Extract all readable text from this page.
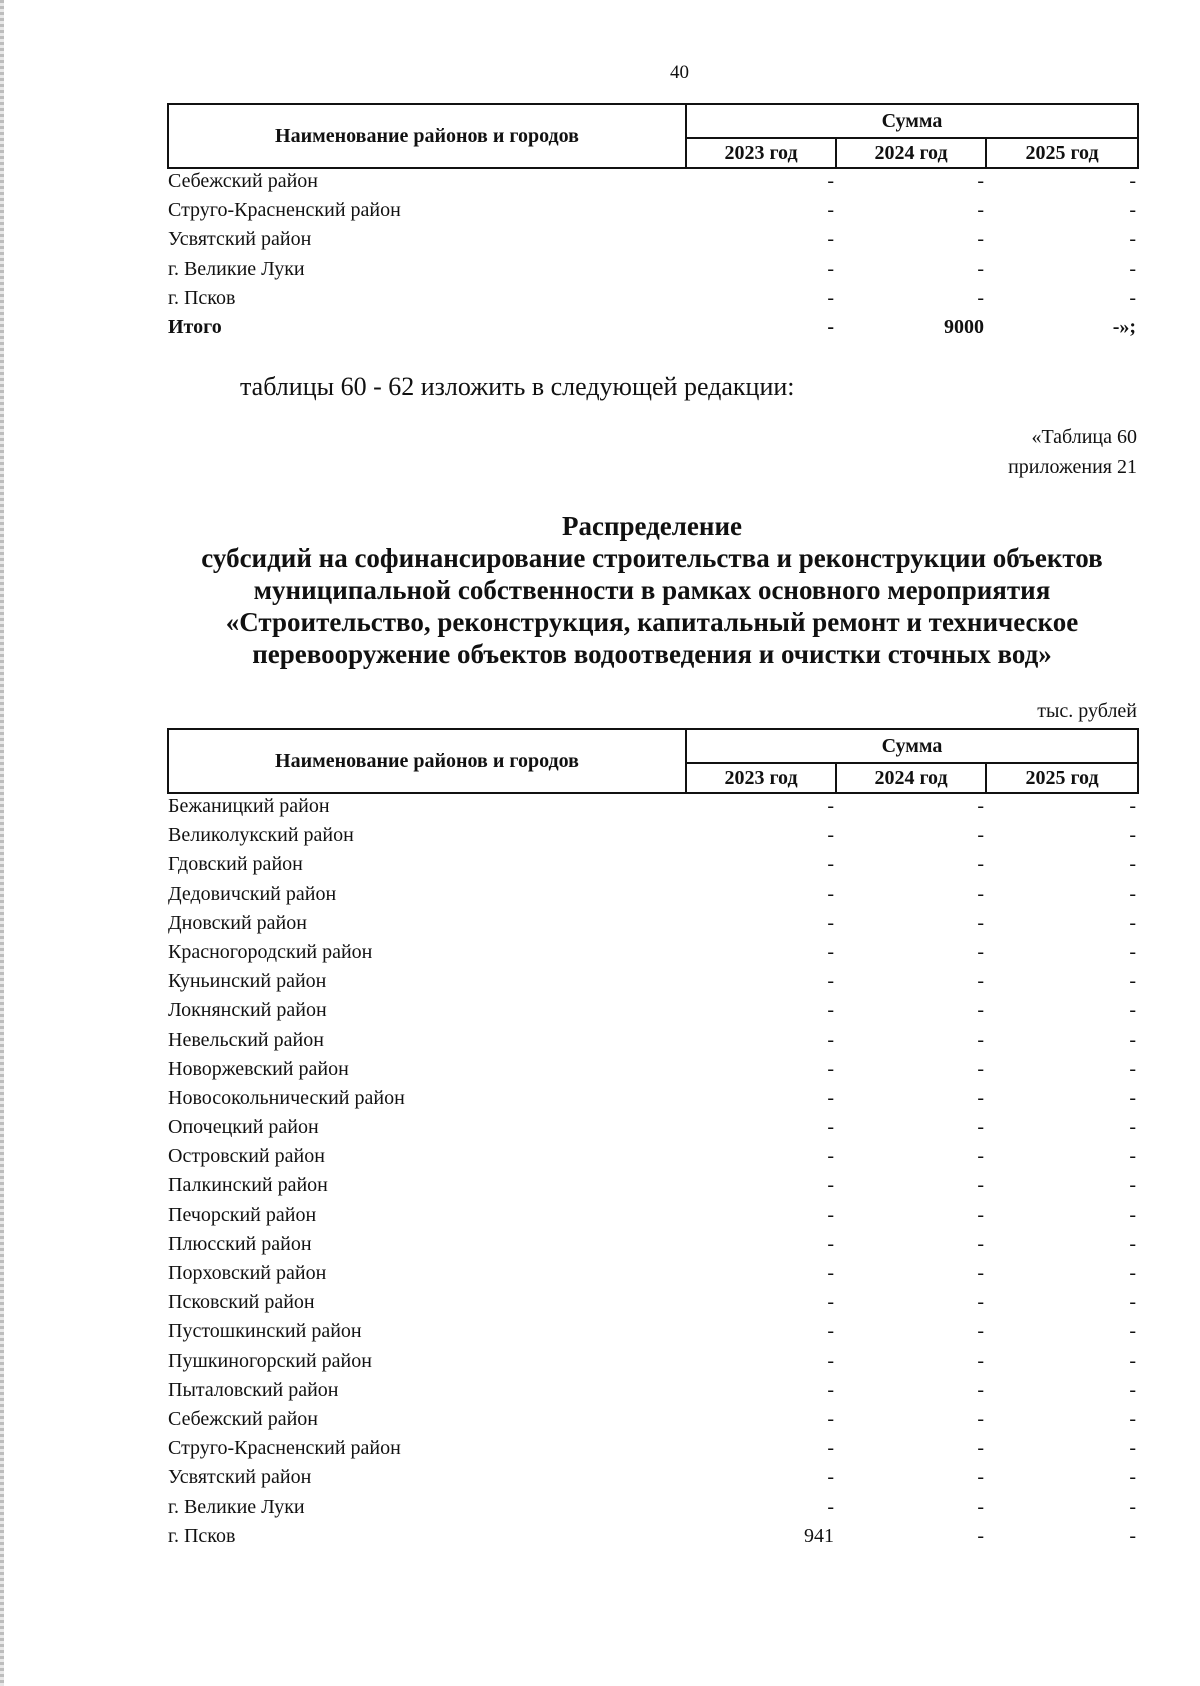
40
Наименование районов и городов	Сумма		
	2023 год	2024 год	2025 год
Себежский район	-	-	-
Струго-Красненский район	-	-	-
Усвятский район	-	-	-
г. Великие Луки	-	-	-
г. Псков	-	-	-
Итого	-	9000	-»;
таблицы 60 - 62 изложить в следующей редакции:
«Таблица 60
приложения 21
Распределение
субсидий на софинансирование строительства и реконструкции объектов
муниципальной собственности в рамках основного мероприятия
«Строительство, реконструкция, капитальный ремонт и техническое
перевооружение объектов водоотведения и очистки сточных вод»
тыс. рублей
Наименование районов и городов	Сумма		
	2023 год	2024 год	2025 год
Бежаницкий район	-	-	-
Великолукский район	-	-	-
Гдовский район	-	-	-
Дедовичский район	-	-	-
Дновский район	-	-	-
Красногородский район	-	-	-
Куньинский район	-	-	-
Локнянский район	-	-	-
Невельский район	-	-	-
Новоржевский район	-	-	-
Новосокольнический район	-	-	-
Опочецкий район	-	-	-
Островский район	-	-	-
Палкинский район	-	-	-
Печорский район	-	-	-
Плюсский район	-	-	-
Порховский район	-	-	-
Псковский район	-	-	-
Пустошкинский район	-	-	-
Пушкиногорский район	-	-	-
Пыталовский район	-	-	-
Себежский район	-	-	-
Струго-Красненский район	-	-	-
Усвятский район	-	-	-
г. Великие Луки	-	-	-
г. Псков	941	-	-
